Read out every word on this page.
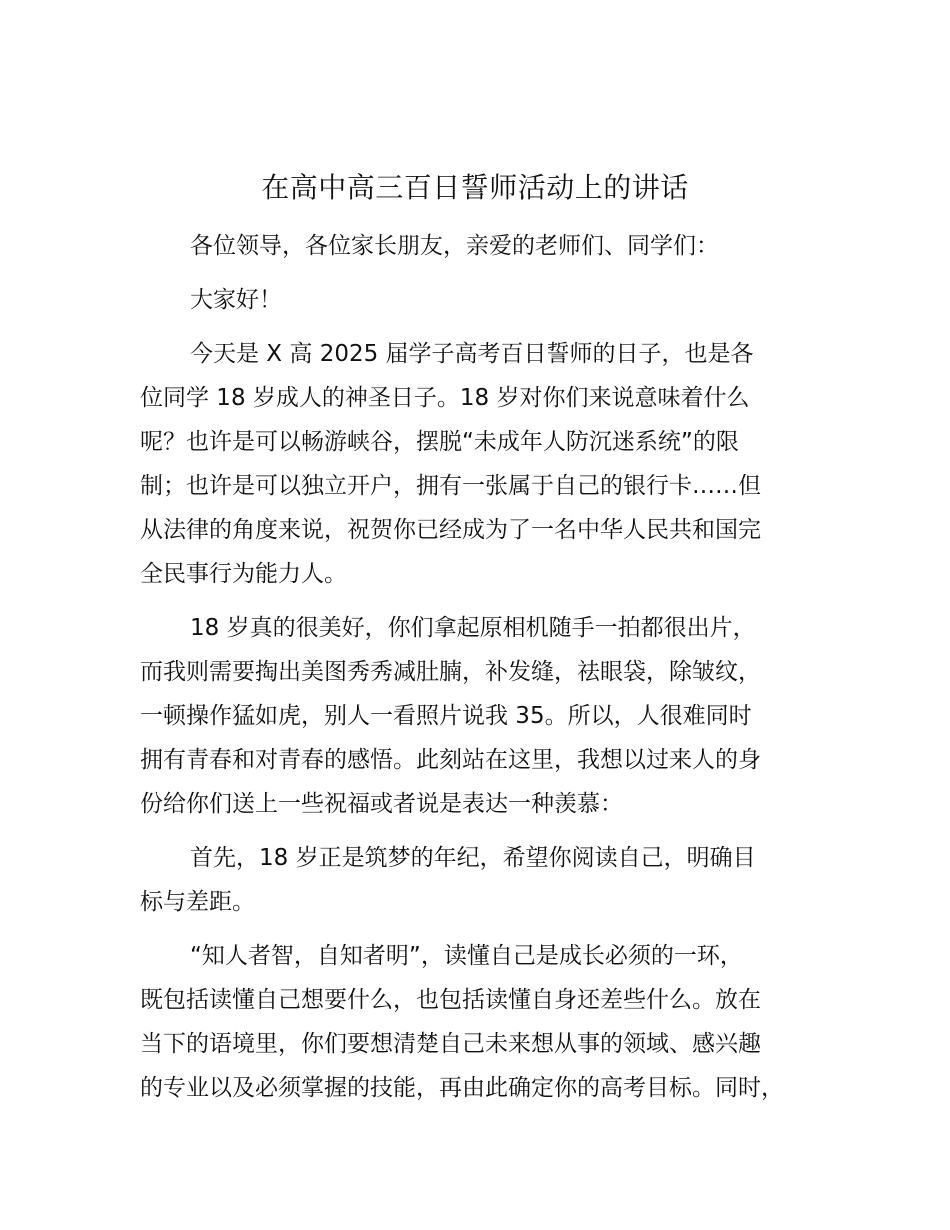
在高中高三百日誓师活动上的讲话
各位领导，各位家长朋友，亲爱的老师们、同学们：
大家好！
今天是 X 高 2025 届学子高考百日誓师的日子，也是各
位同学 18 岁成人的神圣日子。18 岁对你们来说意味着什么
呢？也许是可以畅游峡谷，摆脱“未成年人防沉迷系统”的限
制；也许是可以独立开户，拥有一张属于自己的银行卡……但
从法律的角度来说，祝贺你已经成为了一名中华人民共和国完
全民事行为能力人。
18 岁真的很美好，你们拿起原相机随手一拍都很出片，
而我则需要掏出美图秀秀减肚腩，补发缝，祛眼袋，除皱纹，
一顿操作猛如虎，别人一看照片说我 35。所以，人很难同时
拥有青春和对青春的感悟。此刻站在这里，我想以过来人的身
份给你们送上一些祝福或者说是表达一种羡慕：
首先，18 岁正是筑梦的年纪，希望你阅读自己，明确目
标与差距。
“知人者智，自知者明”，读懂自己是成长必须的一环，
既包括读懂自己想要什么，也包括读懂自身还差些什么。放在
当下的语境里，你们要想清楚自己未来想从事的领域、感兴趣
的专业以及必须掌握的技能，再由此确定你的高考目标。同时，
